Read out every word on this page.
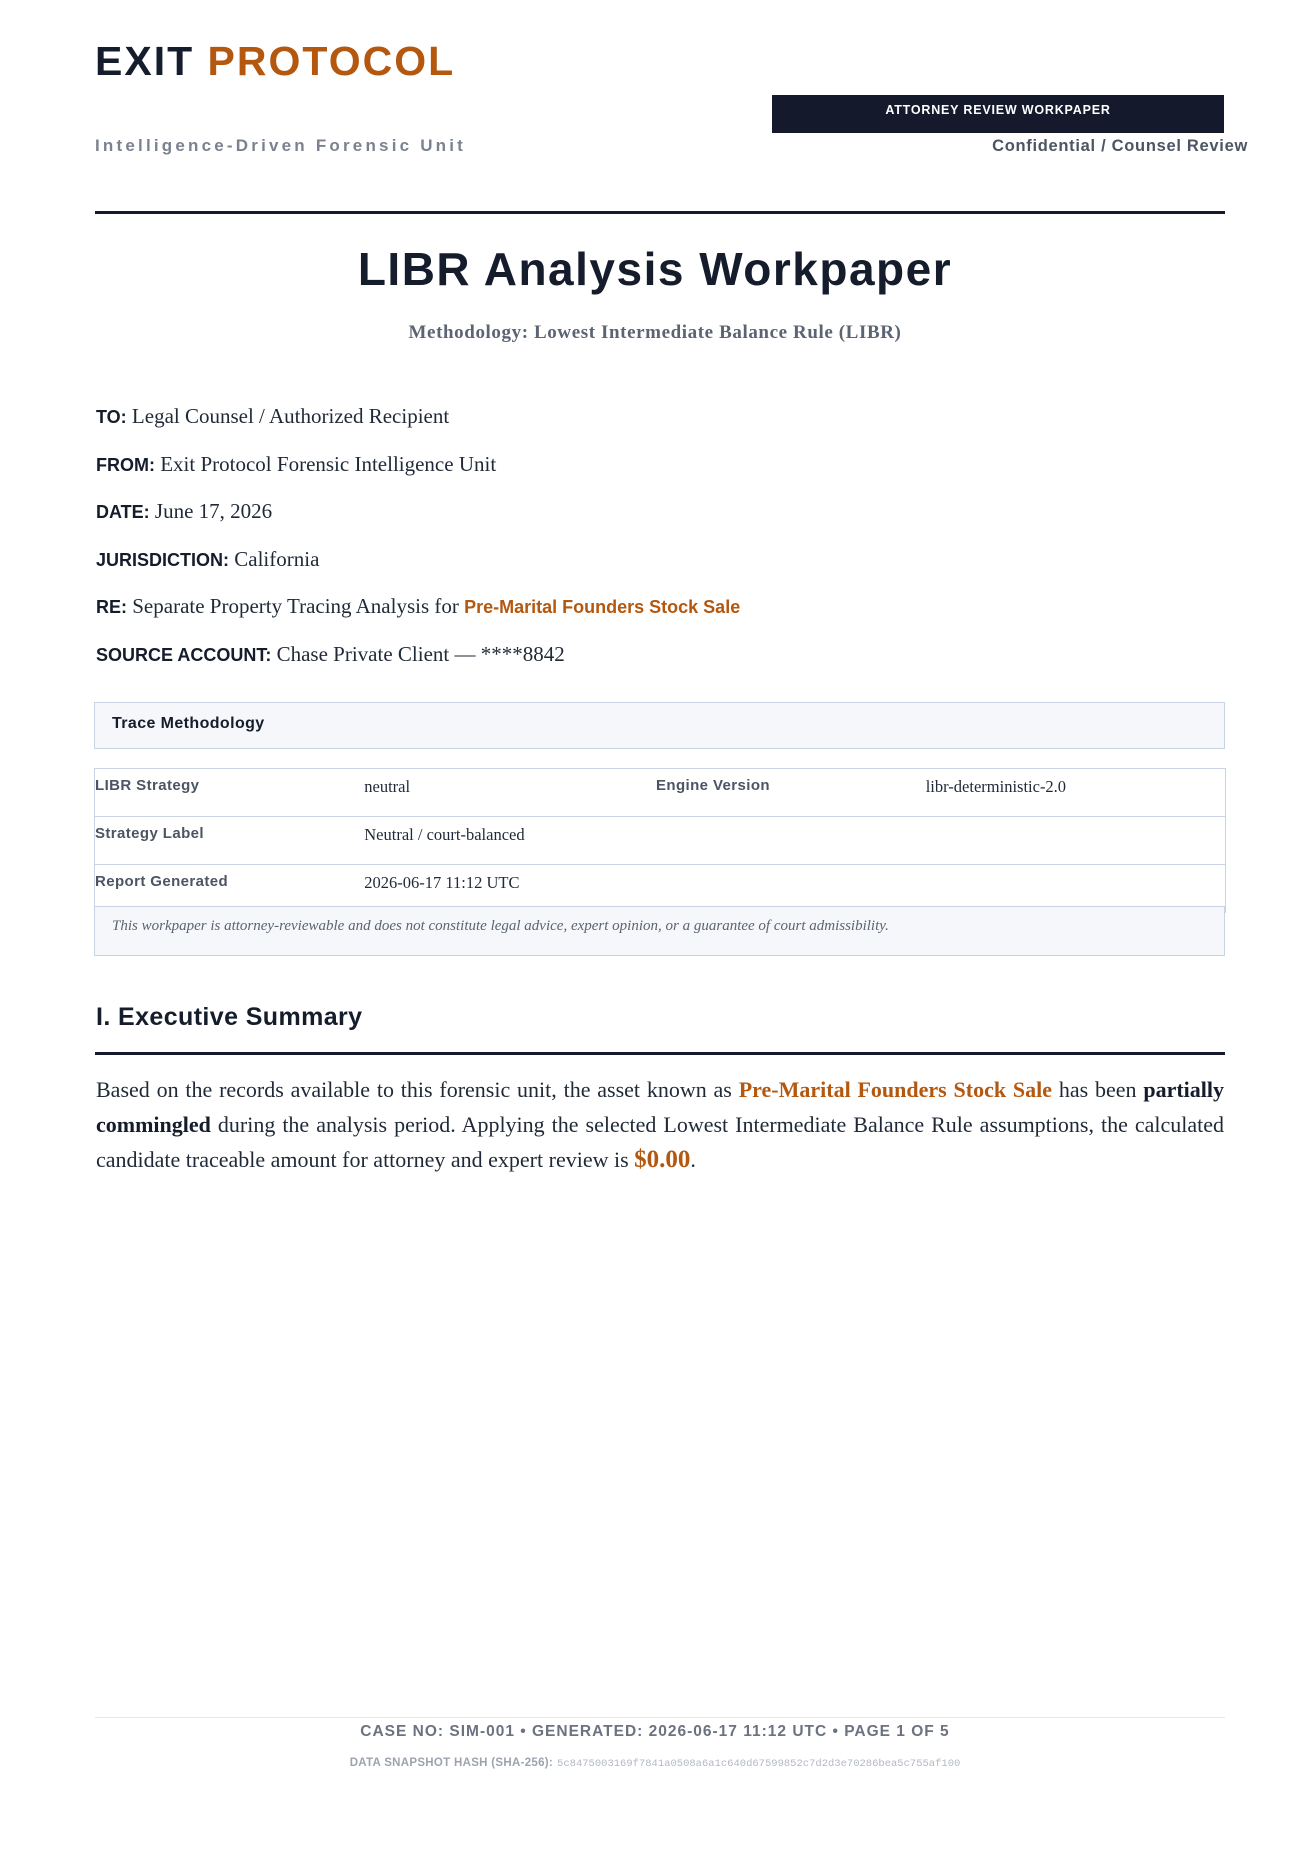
EXIT PROTOCOL
Intelligence-Driven Forensic Unit
ATTORNEY REVIEW WORKPAPER
Confidential / Counsel Review
LIBR Analysis Workpaper
Methodology: Lowest Intermediate Balance Rule (LIBR)
TO: Legal Counsel / Authorized Recipient
FROM: Exit Protocol Forensic Intelligence Unit
DATE: June 17, 2026
JURISDICTION: California
RE: Separate Property Tracing Analysis for Pre-Marital Founders Stock Sale
SOURCE ACCOUNT: Chase Private Client — ****8842
Trace Methodology
LIBR Strategy	neutral	Engine Version	libr-deterministic-2.0
Strategy Label	Neutral / court-balanced		
Report Generated	2026-06-17 11:12 UTC		
This workpaper is attorney-reviewable and does not constitute legal advice, expert opinion, or a guarantee of court admissibility.
I. Executive Summary
Based on the records available to this forensic unit, the asset known as Pre-Marital Founders Stock Sale has been partially commingled during the analysis period. Applying the selected Lowest Intermediate Balance Rule assumptions, the calculated candidate traceable amount for attorney and expert review is $0.00.
CASE NO: SIM-001 • GENERATED: 2026-06-17 11:12 UTC • PAGE 1 OF 5
DATA SNAPSHOT HASH (SHA-256): 5c8475003169f7841a0508a6a1c640d67599852c7d2d3e70286bea5c755af100
